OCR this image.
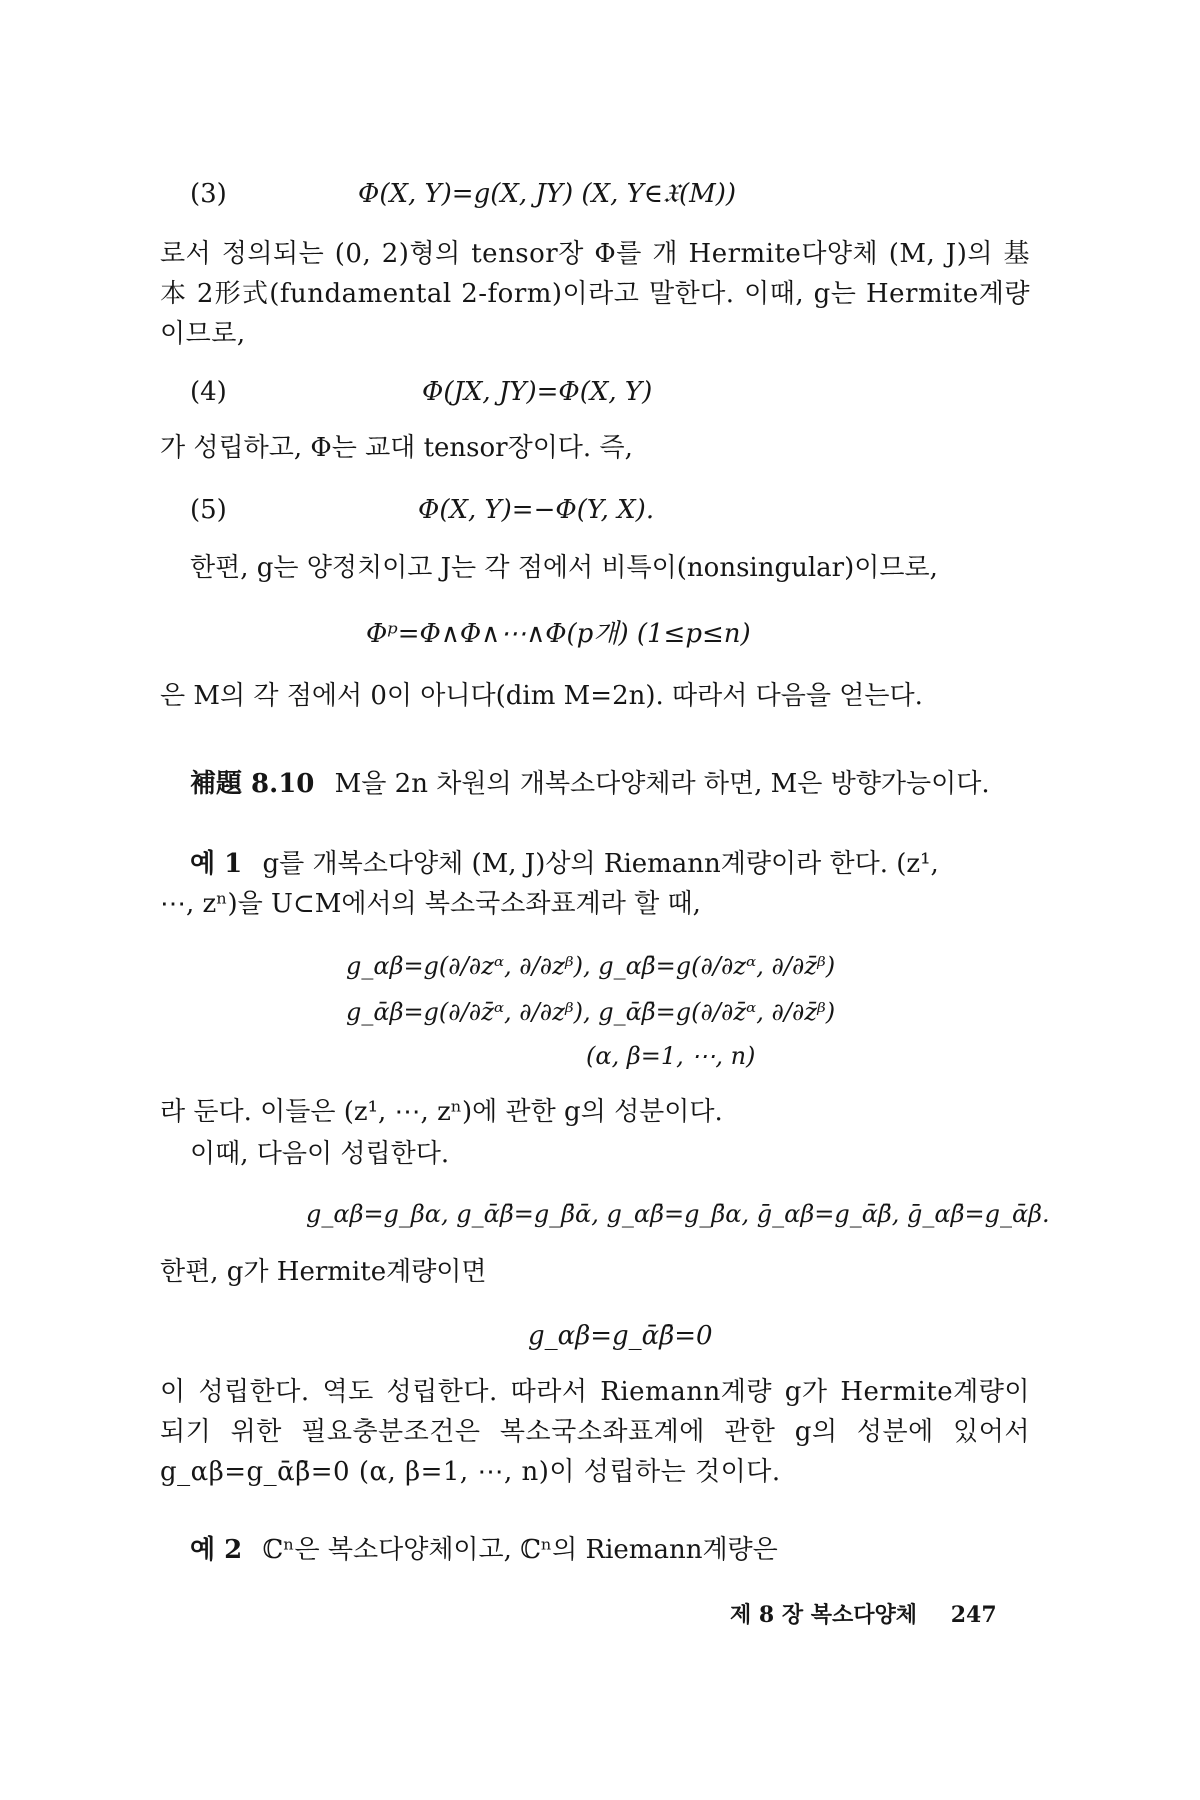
(3)	Φ(X, Y)=g(X, JY) (X, Y∈𝔛(M))

로서 정의되는 (0, 2)형의 tensor장 Φ를 개 Hermite다양체 (M, J)의 基本 2形式(fundamental 2-form)이라고 말한다. 이때, g는 Hermite계량이므로,

(4)	Φ(JX, JY)=Φ(X, Y)

가 성립하고, Φ는 교대 tensor장이다. 즉,

(5)	Φ(X, Y)=−Φ(Y, X).

한편, g는 양정치이고 J는 각 점에서 비특이(nonsingular)이므로,

Φᵖ=Φ∧Φ∧⋯∧Φ(p개) (1≤p≤n)

은 M의 각 점에서 0이 아니다(dim M=2n). 따라서 다음을 얻는다.

補題 8.10 M을 2n 차원의 개복소다양체라 하면, M은 방향가능이다.
예 1 g를 개복소다양체 (M, J)상의 Riemann계량이라 한다. (z¹,

⋯, zⁿ)을 U⊂M에서의 복소국소좌표계라 할 때,

g_αβ=g(∂/∂zᵅ, ∂/∂zᵝ), g_αβ̄=g(∂/∂zᵅ, ∂/∂z̄ᵝ)
g_ᾱβ=g(∂/∂z̄ᵅ, ∂/∂zᵝ), g_ᾱβ̄=g(∂/∂z̄ᵅ, ∂/∂z̄ᵝ)
(α, β=1, ⋯, n)

라 둔다. 이들은 (z¹, ⋯, zⁿ)에 관한 g의 성분이다.

이때, 다음이 성립한다.

g_αβ=g_βα, g_ᾱβ̄=g_β̄ᾱ, g_αβ̄=g_β̄α, ḡ_αβ=g_ᾱβ̄, ḡ_αβ̄=g_ᾱβ.

한편, g가 Hermite계량이면

g_αβ=g_ᾱβ̄=0

이 성립한다. 역도 성립한다. 따라서 Riemann계량 g가 Hermite계량이 되기 위한 필요충분조건은 복소국소좌표계에 관한 g의 성분에 있어서 g_αβ=g_ᾱβ̄=0 (α, β=1, ⋯, n)이 성립하는 것이다.

예 2 ℂⁿ은 복소다양체이고, ℂⁿ의 Riemann계량은
제 8 장 복소다양체 247
